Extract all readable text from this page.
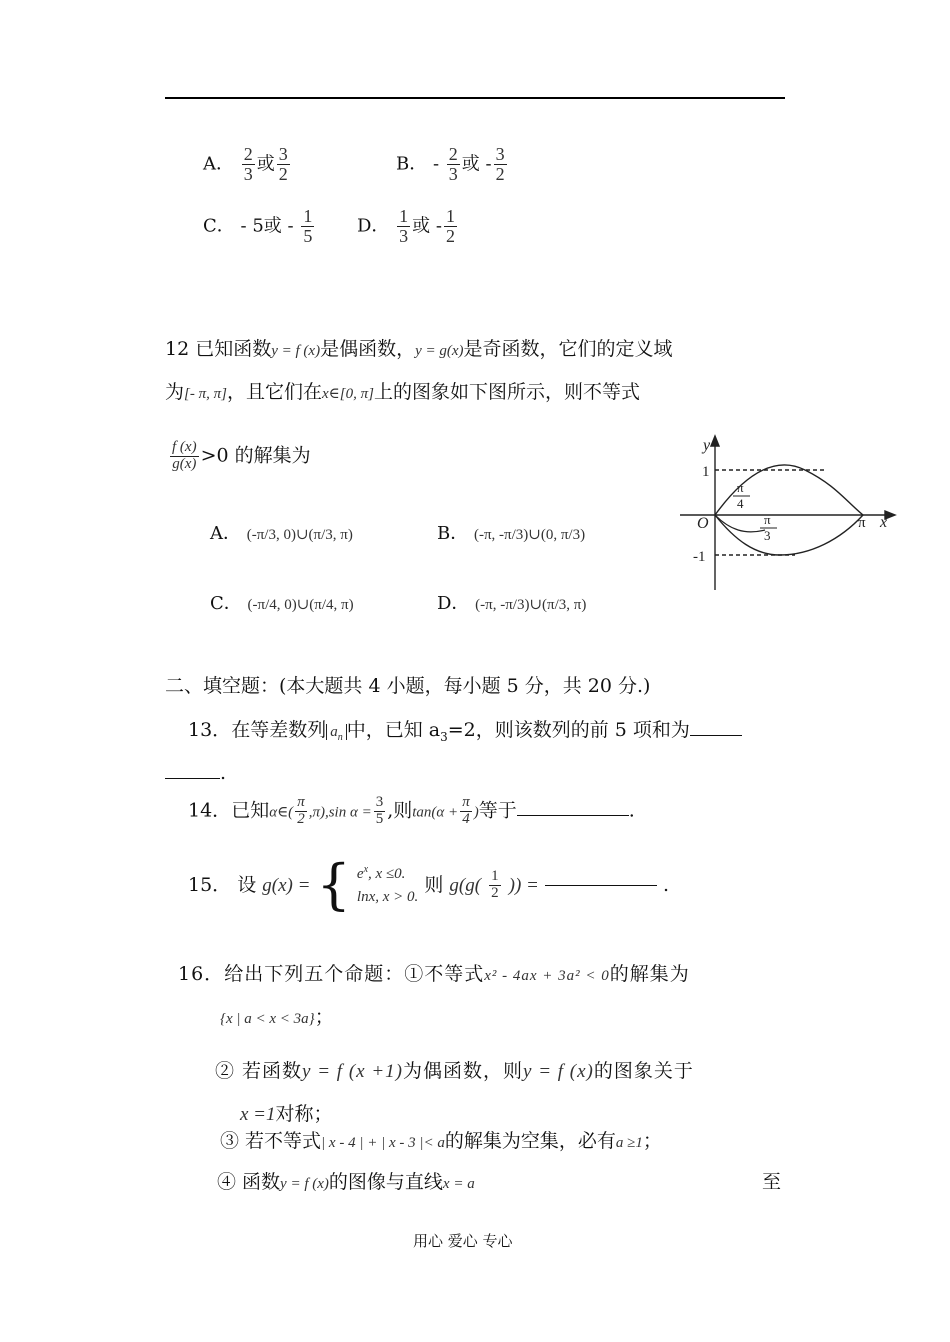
A． $\frac{2}{3}$ 或 $\frac{3}{2}$	B． - $\frac{2}{3}$ 或 - $\frac{3}{2}$
C． - 5或 - $\frac{1}{5}$ D． $\frac{1}{3}$ 或 - $\frac{1}{2}$
12 已知函数y = f (x)是偶函数，y = g(x)是奇函数，它们的定义域
为[- π, π]，且它们在x∈[0, π]上的图象如下图所示，则不等式
$\frac{f (x)}{g(x)} >0$ 的解集为
A． (-π/3, 0)∪(π/3, π)	B． (-π, -π/3)∪(0, π/3)
C． (-π/4, 0)∪(π/4, π)	D． (-π, -π/3)∪(π/3, π)
y
x
O
1
-1
π
π
4
π
3
二、填空题：(本大题共 4 小题，每小题 5 分，共 20 分.)
13．在等差数列 $a_n$ 中，已知 $a_3=2$，则该数列的前 5 项和为
.
14．已知α∈( $\frac{\pi}{2} ,\pi),\sin$ $\alpha = \frac{3}{5}$ ,则$\tan(\alpha + \frac{\pi}{4}$ )等于	.
15． 设 g(x) = { $e^x$, x ≤0.
lnx, x > 0.
则 $g(g( \frac{1}{2}$ )) =	.
16．给出下列五个命题：①不等式x² - 4ax + 3a² < 0的解集为
{x | a < x < 3a}；
② 若函数y = f (x +1)为偶函数，则y = f (x)的图象关于
x =1对称；
③ 若不等式| x - 4 | + | x - 3 |< a的解集为空集，必有a ≥1；
④ 函数y = f (x)的图像与直线x = a	至
用心 爱心 专心
